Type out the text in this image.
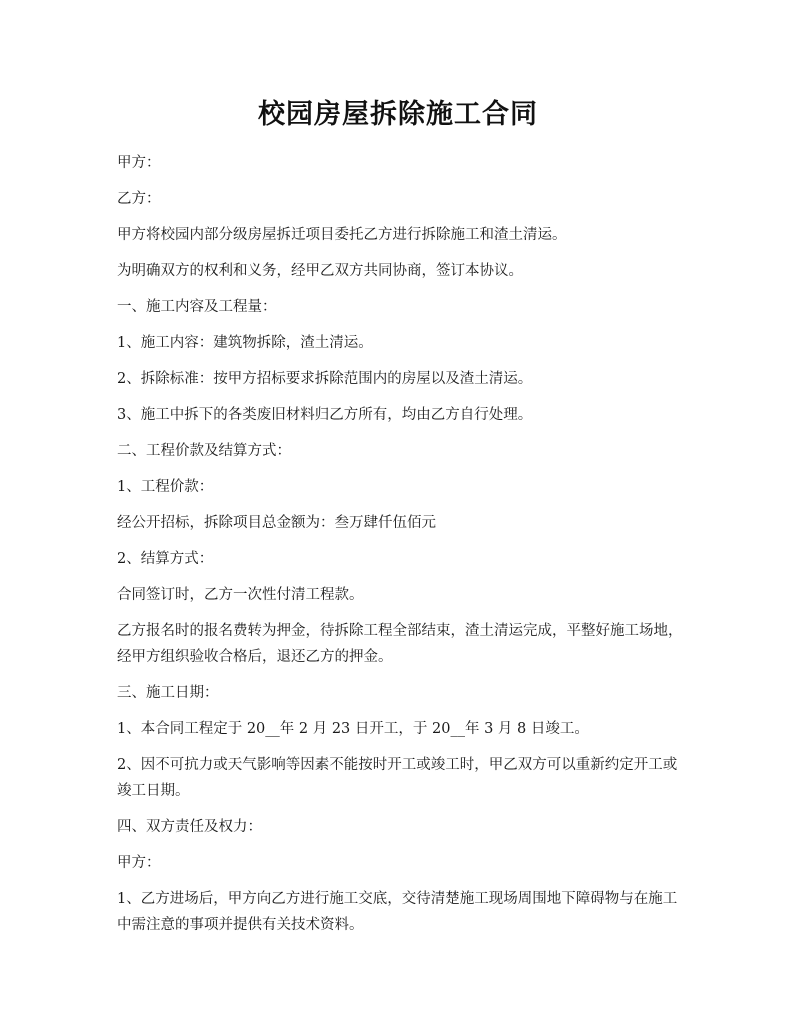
校园房屋拆除施工合同

甲方：

乙方：

甲方将校园内部分级房屋拆迁项目委托乙方进行拆除施工和渣土清运。

为明确双方的权利和义务，经甲乙双方共同协商，签订本协议。

一、施工内容及工程量：

1、施工内容：建筑物拆除，渣土清运。

2、拆除标准：按甲方招标要求拆除范围内的房屋以及渣土清运。

3、施工中拆下的各类废旧材料归乙方所有，均由乙方自行处理。

二、工程价款及结算方式：

1、工程价款：

经公开招标，拆除项目总金额为：叁万肆仟伍佰元

2、结算方式：

合同签订时，乙方一次性付清工程款。

乙方报名时的报名费转为押金，待拆除工程全部结束，渣土清运完成，平整好施工场地，经甲方组织验收合格后，退还乙方的押金。

三、施工日期：

1、本合同工程定于 20__年 2 月 23 日开工，于 20__年 3 月 8 日竣工。

2、因不可抗力或天气影响等因素不能按时开工或竣工时，甲乙双方可以重新约定开工或竣工日期。

四、双方责任及权力：

甲方：

1、乙方进场后，甲方向乙方进行施工交底，交待清楚施工现场周围地下障碍物与在施工中需注意的事项并提供有关技术资料。
